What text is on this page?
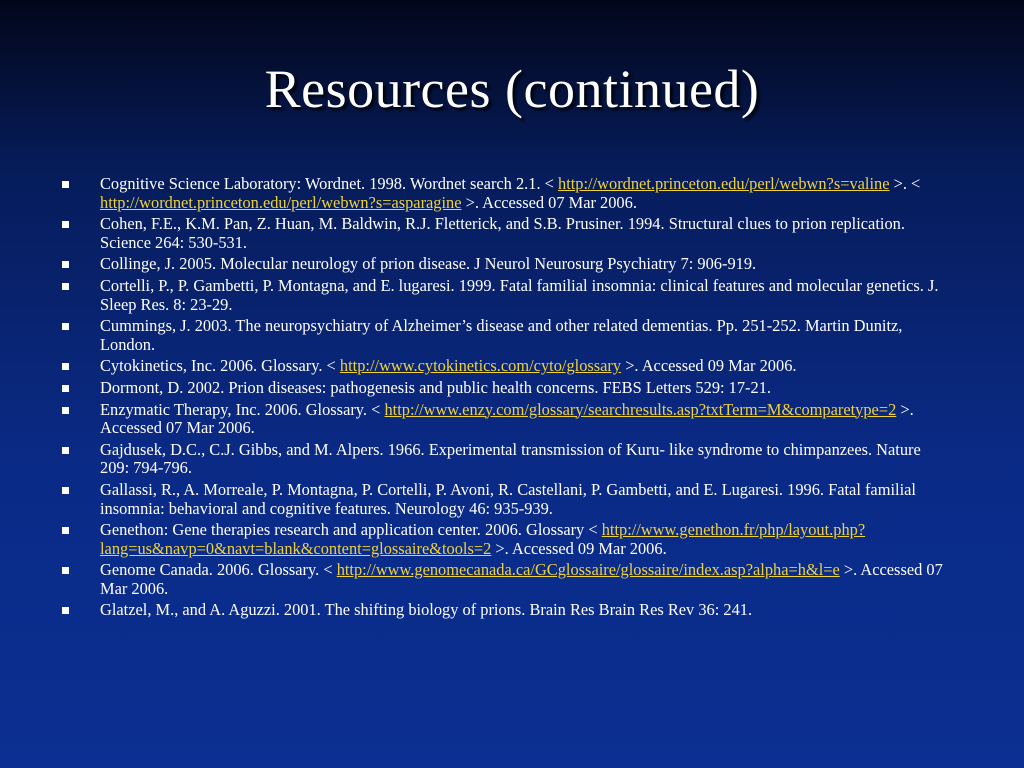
Resources (continued)
Cognitive Science Laboratory: Wordnet. 1998. Wordnet search 2.1. < http://wordnet.princeton.edu/perl/webwn?s=valine >. < http://wordnet.princeton.edu/perl/webwn?s=asparagine >. Accessed 07 Mar 2006.
Cohen, F.E., K.M. Pan, Z. Huan, M. Baldwin, R.J. Fletterick, and S.B. Prusiner. 1994. Structural clues to prion replication. Science 264: 530-531.
Collinge, J. 2005. Molecular neurology of prion disease. J Neurol Neurosurg Psychiatry 7: 906-919.
Cortelli, P., P. Gambetti, P. Montagna, and E. lugaresi. 1999. Fatal familial insomnia: clinical features and molecular genetics. J. Sleep Res. 8: 23-29.
Cummings, J. 2003. The neuropsychiatry of Alzheimer’s disease and other related dementias. Pp. 251-252. Martin Dunitz, London.
Cytokinetics, Inc. 2006. Glossary. < http://www.cytokinetics.com/cyto/glossary >. Accessed 09 Mar 2006.
Dormont, D. 2002. Prion diseases: pathogenesis and public health concerns. FEBS Letters 529: 17-21.
Enzymatic Therapy, Inc. 2006. Glossary. < http://www.enzy.com/glossary/searchresults.asp?txtTerm=M&comparetype=2 >. Accessed 07 Mar 2006.
Gajdusek, D.C., C.J. Gibbs, and M. Alpers. 1966. Experimental transmission of Kuru- like syndrome to chimpanzees. Nature 209: 794-796.
Gallassi, R., A. Morreale, P. Montagna, P. Cortelli, P. Avoni, R. Castellani, P. Gambetti, and E. Lugaresi. 1996. Fatal familial insomnia: behavioral and cognitive features. Neurology 46: 935-939.
Genethon: Gene therapies research and application center. 2006. Glossary < http://www.genethon.fr/php/layout.php?lang=us&navp=0&navt=blank&content=glossaire&tools=2 >. Accessed 09 Mar 2006.
Genome Canada. 2006. Glossary. < http://www.genomecanada.ca/GCglossaire/glossaire/index.asp?alpha=h&l=e >. Accessed 07 Mar 2006.
Glatzel, M., and A. Aguzzi. 2001. The shifting biology of prions. Brain Res Brain Res Rev 36: 241.
